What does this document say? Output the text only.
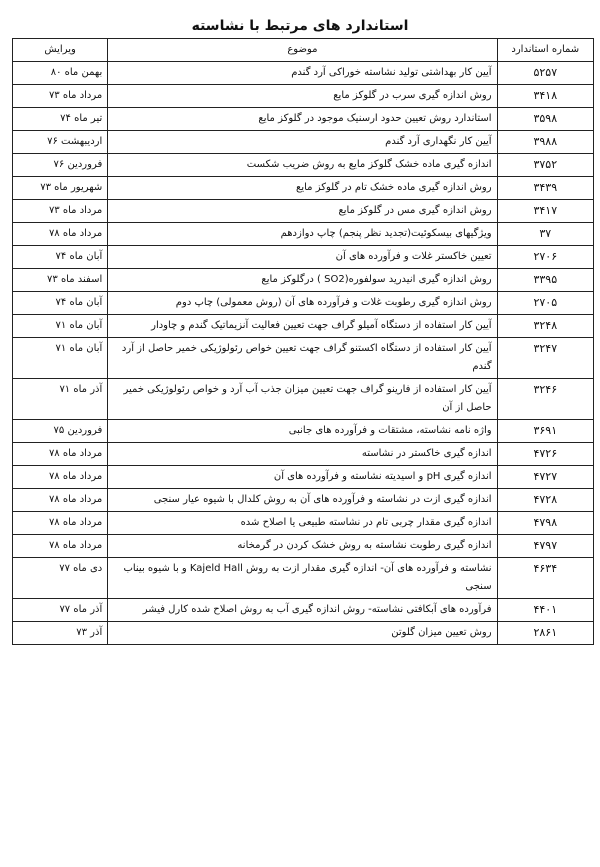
استاندارد های مرتبط با نشاسته
شماره استاندارد	موضوع	ویرایش
۵۲۵۷	آیین کار بهداشتی تولید نشاسته خوراکی آرد گندم	بهمن ماه ۸۰
۳۴۱۸	روش اندازه گیری سرب در گلوکز مایع	مرداد ماه ۷۳
۳۵۹۸	استاندارد روش تعیین حدود ارسنیک موجود در گلوکز مایع	تیر ماه ۷۴
۳۹۸۸	آیین کار نگهداری آرد گندم	اردیبهشت ۷۶
۳۷۵۲	اندازه گیری ماده خشک گلوکز مایع به روش ضریب شکست	فروردین ۷۶
۳۴۳۹	روش اندازه گیری ماده خشک تام در گلوکز مایع	شهریور ماه ۷۳
۳۴۱۷	روش اندازه گیری مس در گلوکز مایع	مرداد ماه ۷۳
۳۷	ویژگیهای بیسکوئیت(تجدید نظر پنجم) چاپ دوازدهم	مرداد ماه ۷۸
۲۷۰۶	تعیین خاکستر غلات و فرآورده های آن	آبان ماه ۷۴
۳۳۹۵	روش اندازه گیری انیدرید سولفوره(SO2 ) درگلوکز مایع	اسفند ماه ۷۳
۲۷۰۵	روش اندازه گیری رطوبت غلات و فرآورده های آن (روش معمولی) چاپ دوم	آبان ماه ۷۴
۳۲۴۸	آیین کار استفاده از دستگاه آمیلو گراف جهت تعیین فعالیت آنزیماتیک گندم و چاودار	آبان ماه ۷۱
۳۲۴۷	آیین کار استفاده از دستگاه اکستنو گراف جهت تعیین خواص رئولوژیکی خمیر حاصل از آرد گندم	آبان ماه ۷۱
۳۲۴۶	آیین کار استفاده از فارینو گراف جهت تعیین میزان جذب آب آرد و خواص رئولوژیکی خمیر حاصل از آن	آذر ماه ۷۱
۳۶۹۱	واژه نامه نشاسته، مشتقات و فرآورده های جانبی	فروردین ۷۵
۴۷۲۶	اندازه گیری خاکستر در نشاسته	مرداد ماه ۷۸
۴۷۲۷	اندازه گیری pH و اسیدیته نشاسته و فرآورده های آن	مرداد ماه ۷۸
۴۷۲۸	اندازه گیری ازت در نشاسته و فرآورده های آن به روش کلدال با شیوه عیار سنجی	مرداد ماه ۷۸
۴۷۹۸	اندازه گیری مقدار چربی تام در نشاسته طبیعی یا اصلاح شده	مرداد ماه ۷۸
۴۷۹۷	اندازه گیری رطوبت نشاسته به روش خشک کردن در گرمخانه	مرداد ماه ۷۸
۴۶۳۴	نشاسته و فرآورده های آن- اندازه گیری مقدار ازت به روش Kajeld Hall و با شیوه بیناب سنجی	دی ماه ۷۷
۴۴۰۱	فرآورده های آبکافتی نشاسته- روش اندازه گیری آب به روش اصلاح شده کارل فیشر	آذر ماه ۷۷
۲۸۶۱	روش تعیین میزان گلوتن	آذر ۷۳
